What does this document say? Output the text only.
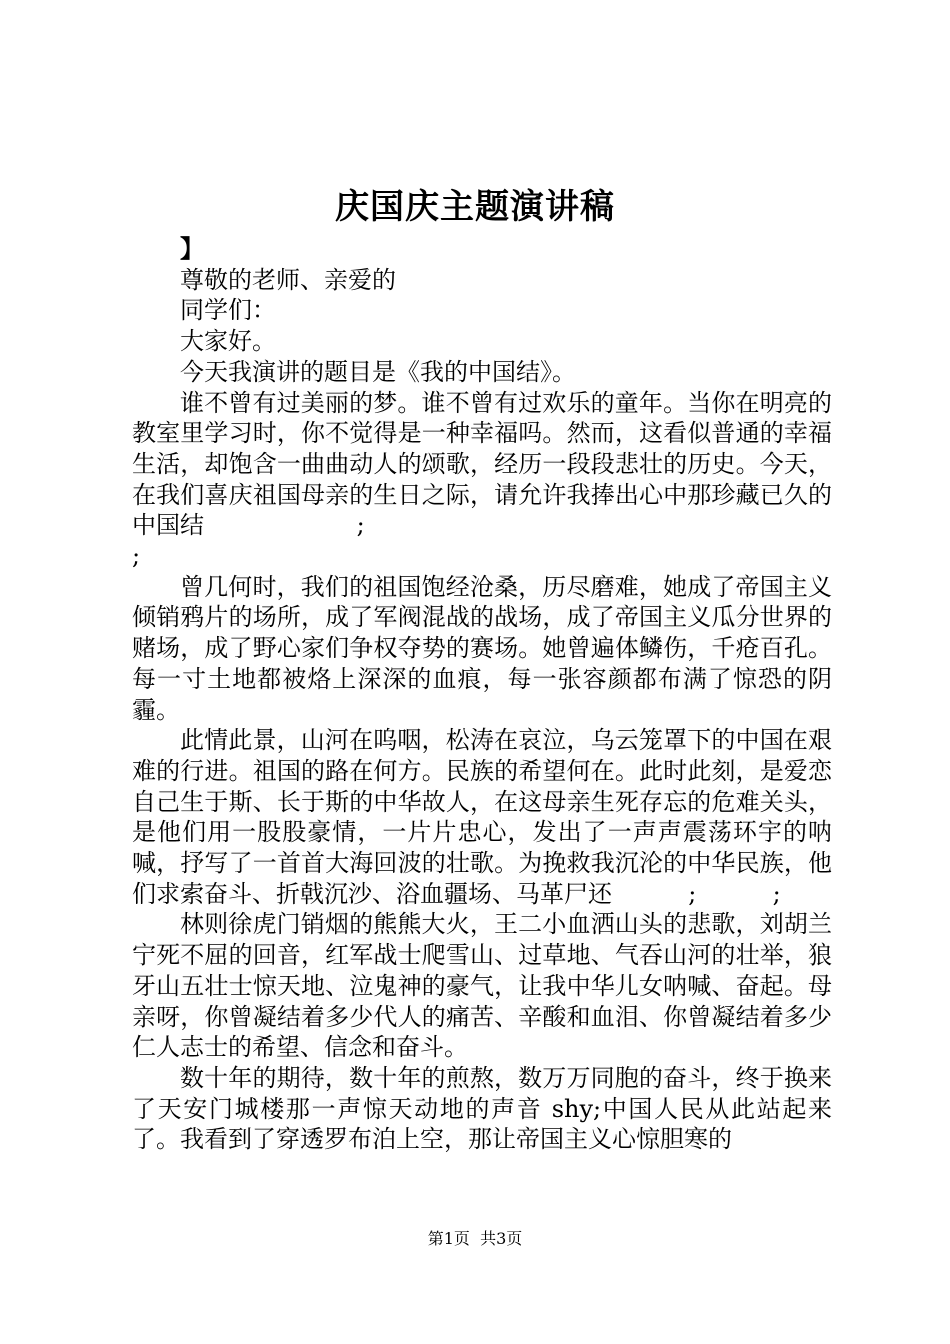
庆国庆主题演讲稿
】

尊敬的老师、亲爱的

同学们：

大家好。

今天我演讲的题目是《我的中国结》。

谁不曾有过美丽的梦。谁不曾有过欢乐的童年。当你在明亮的教室里学习时，你不觉得是一种幸福吗。然而，这看似普通的幸福生活，却饱含一曲曲动人的颂歌，经历一段段悲壮的历史。今天，在我们喜庆祖国母亲的生日之际，请允许我捧出心中那珍藏已久的中国结                    ;
;

曾几何时，我们的祖国饱经沧桑，历尽磨难，她成了帝国主义倾销鸦片的场所，成了军阀混战的战场，成了帝国主义瓜分世界的赌场，成了野心家们争权夺势的赛场。她曾遍体鳞伤，千疮百孔。每一寸土地都被烙上深深的血痕，每一张容颜都布满了惊恐的阴霾。

此情此景，山河在呜咽，松涛在哀泣，乌云笼罩下的中国在艰难的行进。祖国的路在何方。民族的希望何在。此时此刻，是爱恋自己生于斯、长于斯的中华故人，在这母亲生死存忘的危难关头，是他们用一股股豪情，一片片忠心，发出了一声声震荡环宇的呐喊，抒写了一首首大海回波的壮歌。为挽救我沉沦的中华民族，他们求索奋斗、折戟沉沙、浴血疆场、马革尸还          ;          ;

林则徐虎门销烟的熊熊大火，王二小血洒山头的悲歌，刘胡兰宁死不屈的回音，红军战士爬雪山、过草地、气吞山河的壮举，狼牙山五壮士惊天地、泣鬼神的豪气，让我中华儿女呐喊、奋起。母亲呀，你曾凝结着多少代人的痛苦、辛酸和血泪、你曾凝结着多少仁人志士的希望、信念和奋斗。

数十年的期待，数十年的煎熬，数万万同胞的奋斗，终于换来了天安门城楼那一声惊天动地的声音 shy;中国人民从此站起来了。我看到了穿透罗布泊上空，那让帝国主义心惊胆寒的

第1页  共3页
